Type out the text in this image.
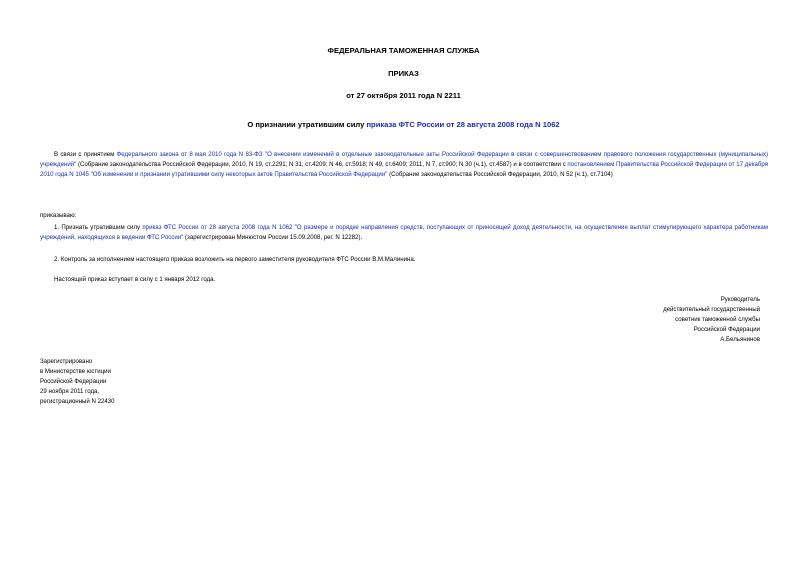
ФЕДЕРАЛЬНАЯ ТАМОЖЕННАЯ СЛУЖБА
ПРИКАЗ
от 27 октября 2011 года N 2211
О признании утратившим силу приказа ФТС России от 28 августа 2008 года N 1062
В связи с принятием Федерального закона от 8 мая 2010 года N 83-ФЗ "О внесении изменений в отдельные законодательные акты Российской Федерации в связи с совершенствованием правового положения государственных (муниципальных) учреждений" (Собрание законодательства Российской Федерации, 2010, N 19, ст.2291; N 31, ст.4209; N 46, ст.5918; N 49, ст.6409; 2011, N 7, ст.900; N 30 (ч.1), ст.4587) и в соответствии с постановлением Правительства Российской Федерации от 17 декабря 2010 года N 1045 "Об изменении и признании утратившими силу некоторых актов Правительства Российской Федерации" (Собрание законодательства Российской Федерации, 2010, N 52 (ч.1), ст.7104)
приказываю:
1. Признать утратившим силу приказ ФТС России от 28 августа 2008 года N 1062 "О размере и порядке направления средств, поступающих от приносящей доход деятельности, на осуществление выплат стимулирующего характера работникам учреждений, находящихся в ведении ФТС России" (зарегистрирован Минюстом России 15.09.2008, рег. N 12282).
2. Контроль за исполнением настоящего приказа возложить на первого заместителя руководителя ФТС России В.М.Малинина.
Настоящий приказ вступает в силу с 1 января 2012 года.
Руководитель
действительный государственный
советник таможенной службы
Российской Федерации
А.Бельянинов
Зарегистрировано
в Министерстве юстиции
Российской Федерации
29 ноября 2011 года,
регистрационный N 22430
